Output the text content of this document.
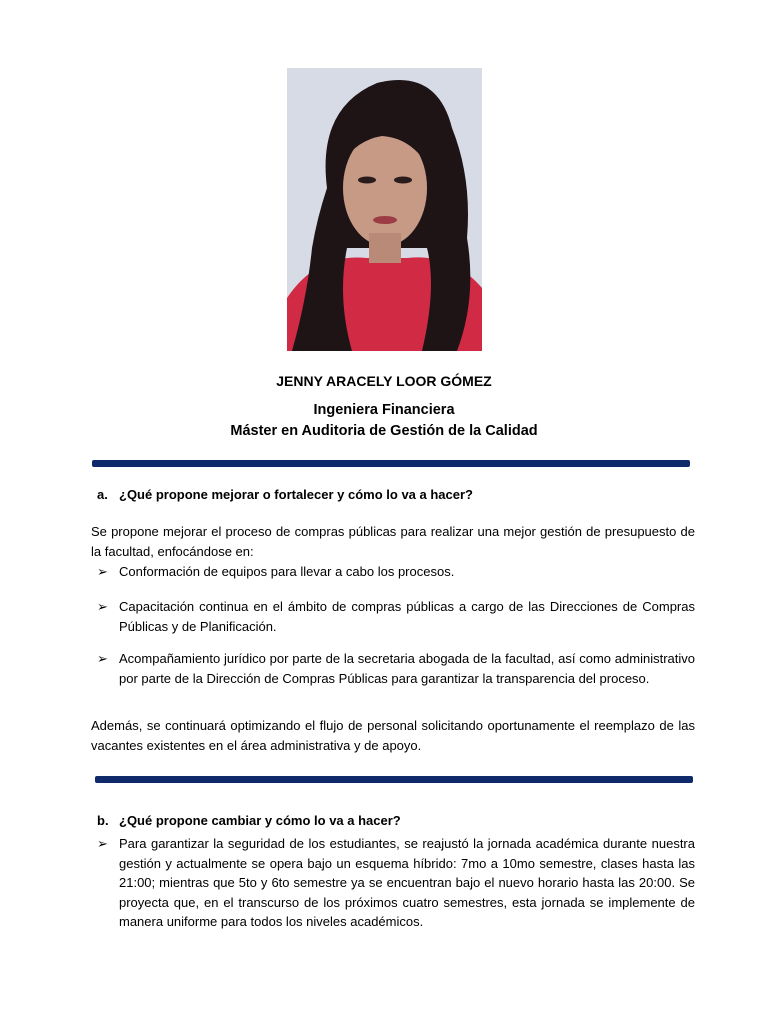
JENNY ARACELY LOOR GÓMEZ
Ingeniera Financiera
Máster en Auditoria de Gestión de la Calidad
a. ¿Qué propone mejorar o fortalecer y cómo lo va a hacer?
Se propone mejorar el proceso de compras públicas para realizar una mejor gestión de presupuesto de la facultad, enfocándose en:
➢ Conformación de equipos para llevar a cabo los procesos.
➢ Capacitación continua en el ámbito de compras públicas a cargo de las Direcciones de Compras Públicas y de Planificación.
➢ Acompañamiento jurídico por parte de la secretaria abogada de la facultad, así como administrativo por parte de la Dirección de Compras Públicas para garantizar la transparencia del proceso.
Además, se continuará optimizando el flujo de personal solicitando oportunamente el reemplazo de las vacantes existentes en el área administrativa y de apoyo.
b. ¿Qué propone cambiar y cómo lo va a hacer?
➢ Para garantizar la seguridad de los estudiantes, se reajustó la jornada académica durante nuestra gestión y actualmente se opera bajo un esquema híbrido: 7mo a 10mo semestre, clases hasta las 21:00; mientras que 5to y 6to semestre ya se encuentran bajo el nuevo horario hasta las 20:00. Se proyecta que, en el transcurso de los próximos cuatro semestres, esta jornada se implemente de manera uniforme para todos los niveles académicos.
